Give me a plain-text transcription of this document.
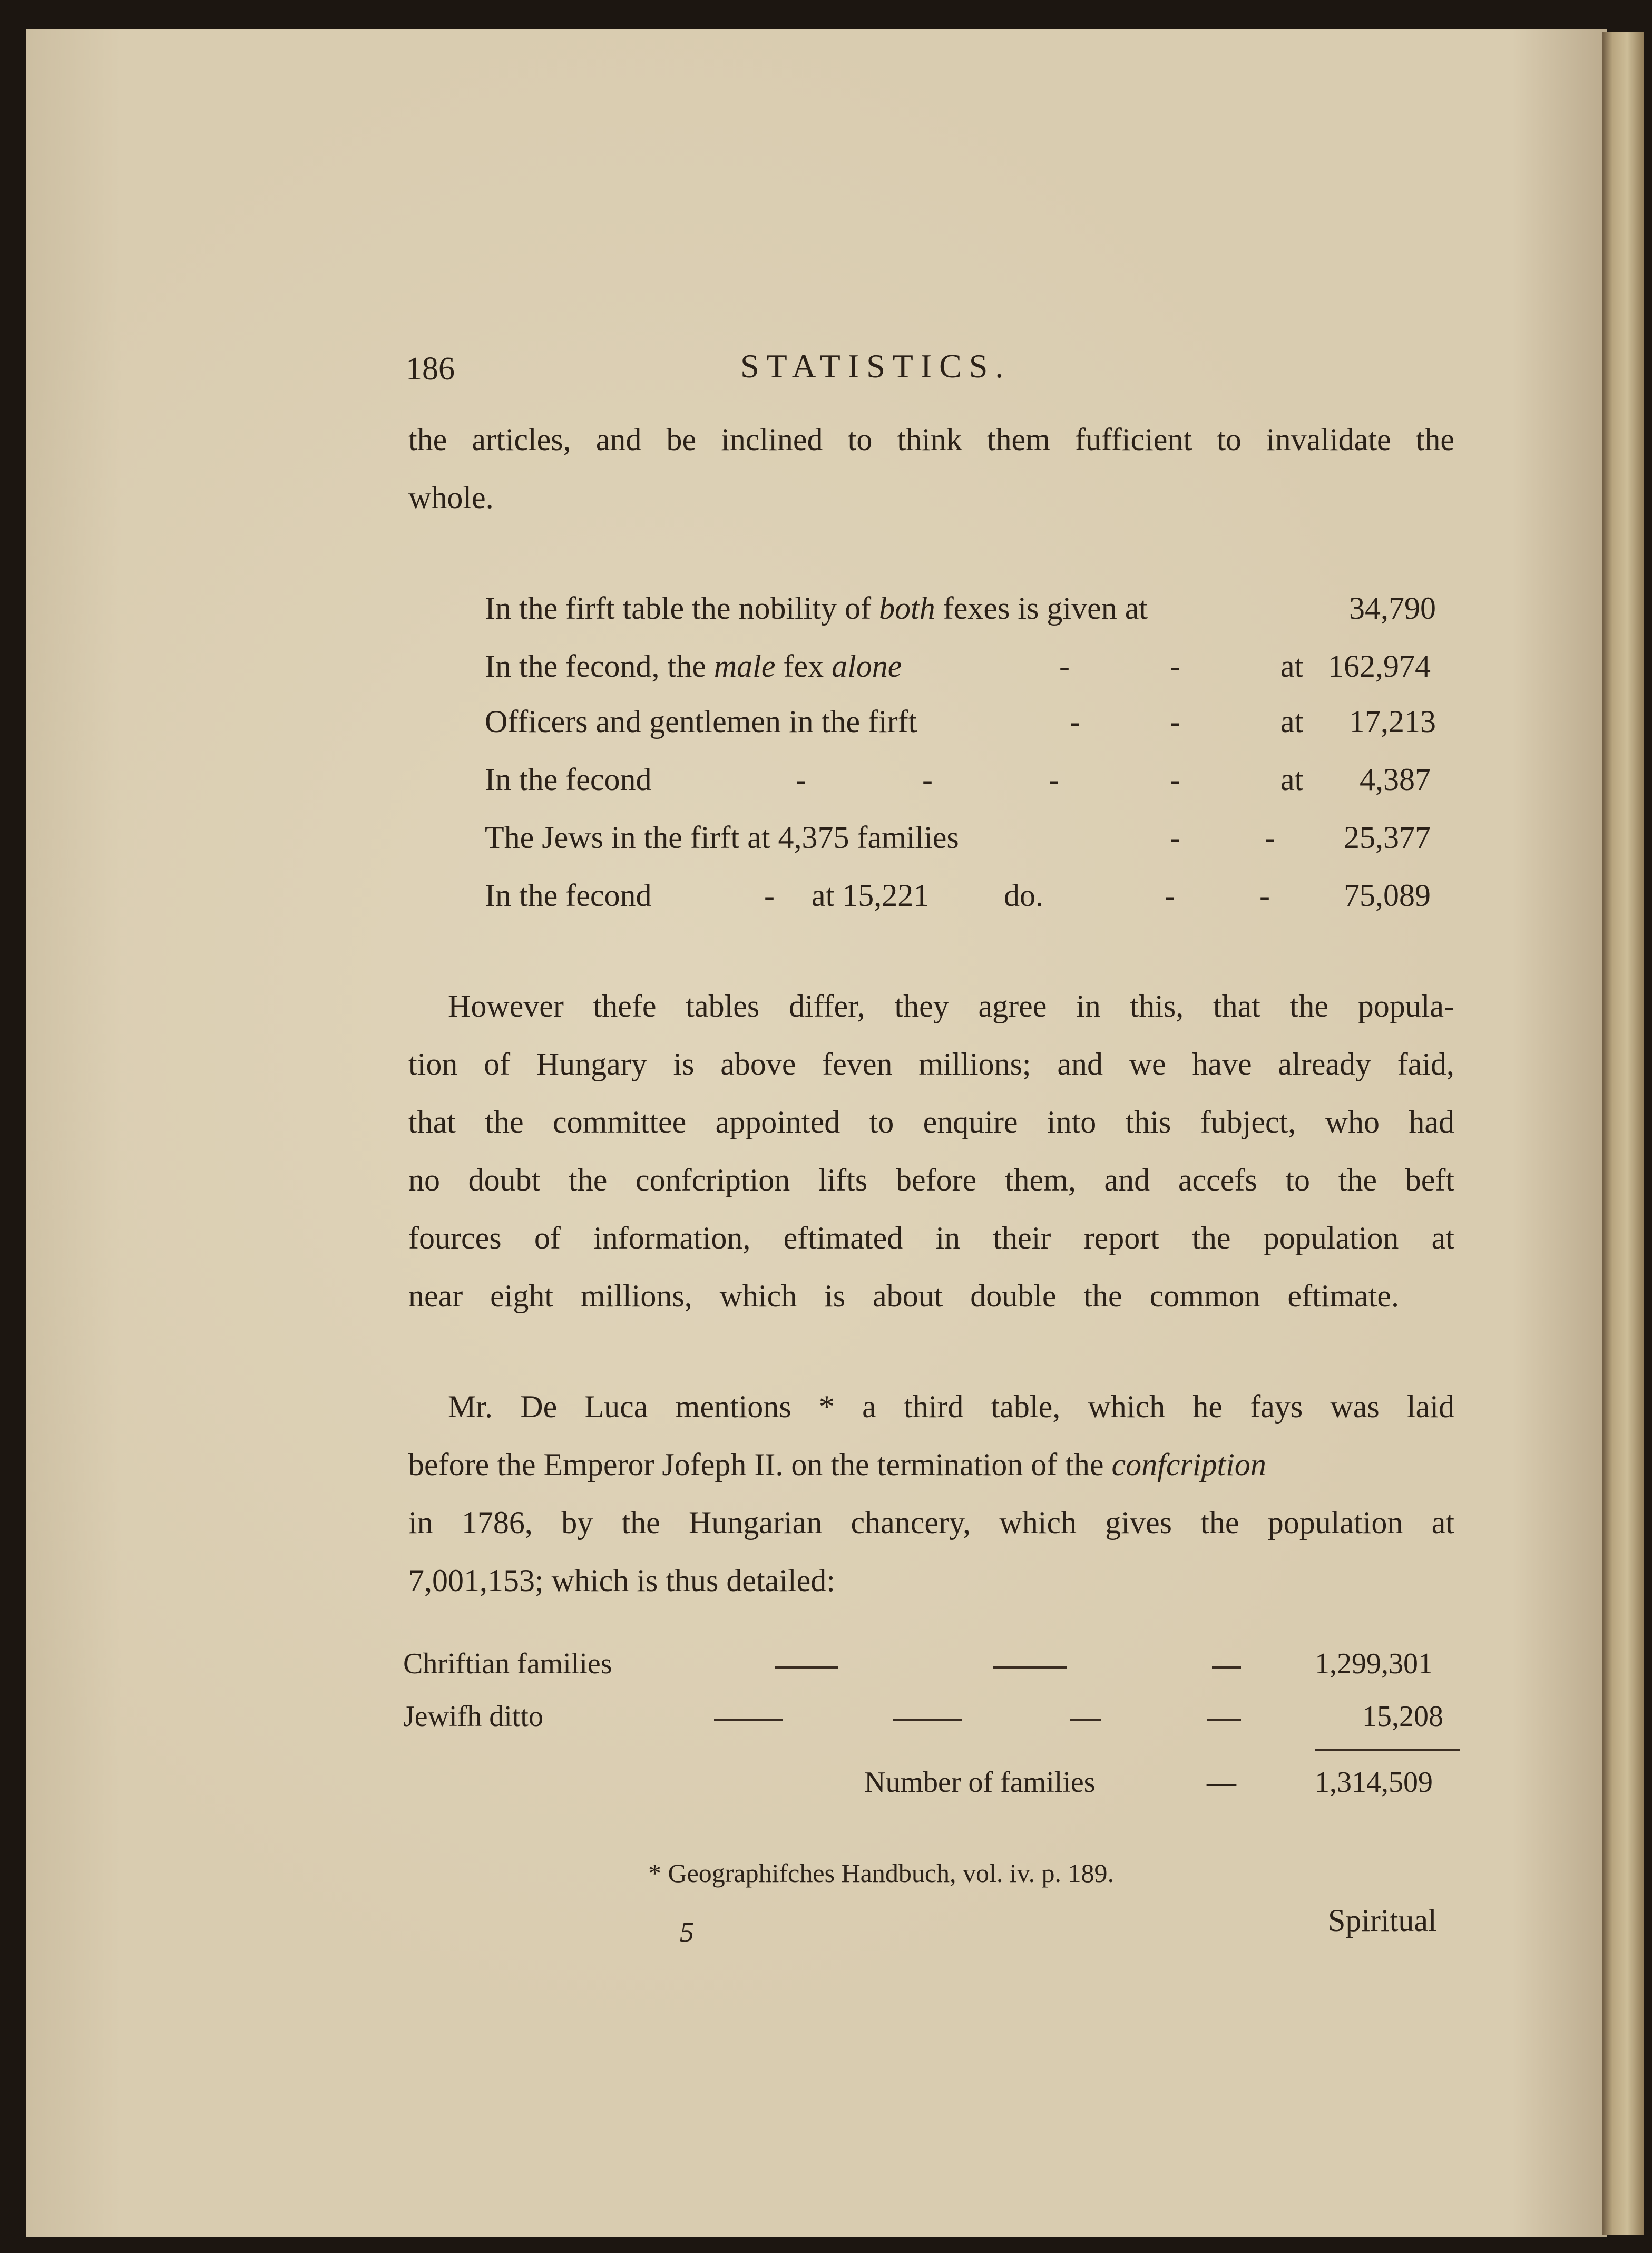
186	STATISTICS.
the articles, and be inclined to think them fufficient to invalidate the
whole.
In the firft table the nobility of both fexes is given at	34,790
In the fecond, the male fex alone	-	-	at 162,974
Officers and gentlemen in the firft	-	-	at 17,213
In the fecond	-	-	-	-	at 4,387
The Jews in the firft at 4,375 families	-	- 25,377
In the fecond	- at 15,221 do.	-	- 75,089
However thefe tables differ, they agree in this, that the popula-
tion of Hungary is above feven millions; and we have already faid,
that the committee appointed to enquire into this fubject, who had
no doubt the confcription lifts before them, and accefs to the beft
fources of information, eftimated in their report the population at
near eight millions, which is about double the common eftimate.
Mr. De Luca mentions * a third table, which he fays was laid
before the Emperor Jofeph II. on the termination of the confcription
in 1786, by the Hungarian chancery, which gives the population at
7,001,153; which is thus detailed:
Chriftian families	1,299,301
Jewifh ditto	15,208
Number of families	—	1,314,509
* Geographifches Handbuch, vol. iv. p. 189.
5	Spiritual
